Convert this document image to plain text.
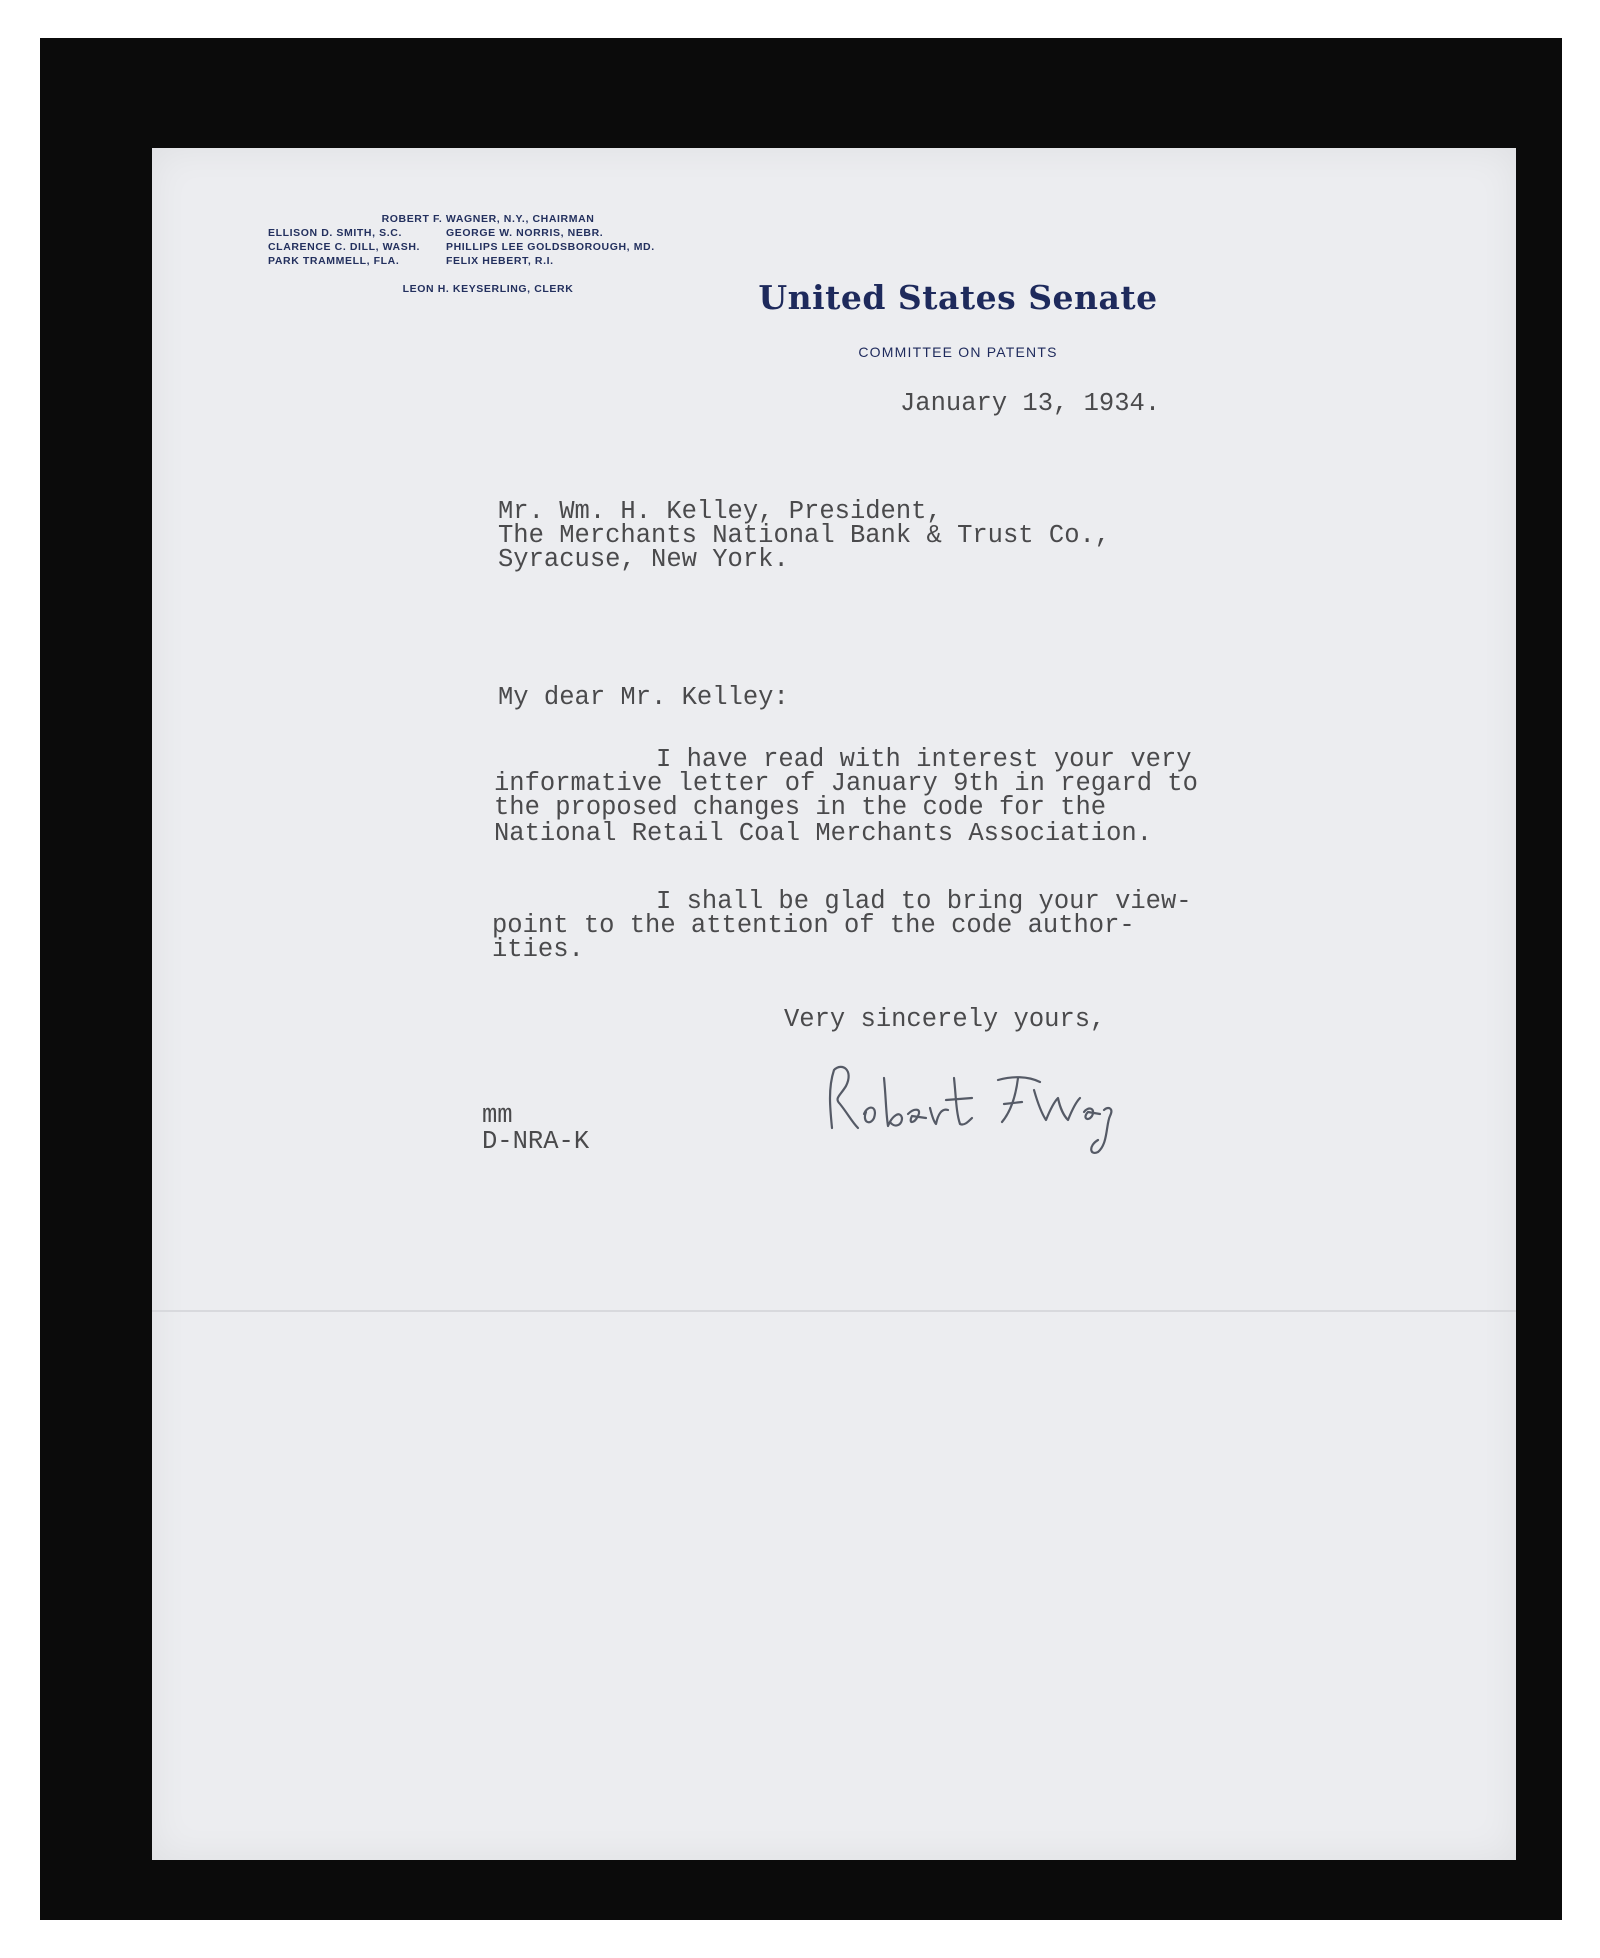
ROBERT F. WAGNER, N.Y., CHAIRMAN
ELLISON D. SMITH, S.C.	GEORGE W. NORRIS, NEBR.
CLARENCE C. DILL, WASH. PHILLIPS LEE GOLDSBOROUGH, MD.
PARK TRAMMELL, FLA.	FELIX HEBERT, R.I.
LEON H. KEYSERLING, CLERK	United States Senate
COMMITTEE ON PATENTS
January 13, 1934.
Mr. Wm. H. Kelley, President,
The Merchants National Bank & Trust Co.,
Syracuse, New York.
My dear Mr. Kelley:
I have read with interest your very
informative letter of January 9th in regard to
the proposed changes in the code for the
National Retail Coal Merchants Association.
I shall be glad to bring your view-
point to the attention of the code author-
ities.
Very sincerely yours,
mm
D-NRA-K
